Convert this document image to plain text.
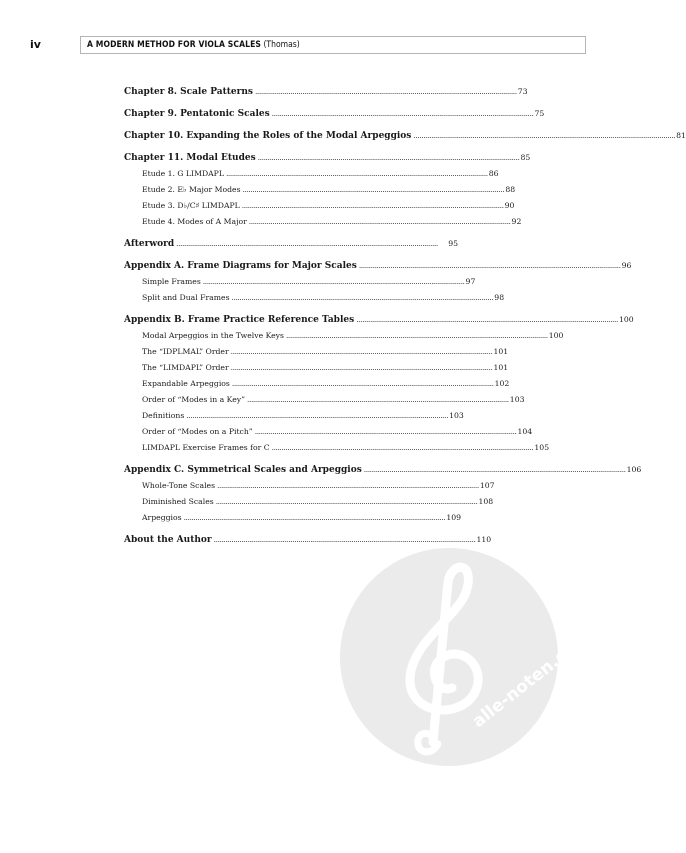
iv	A MODERN METHOD FOR VIOLA SCALES (Thomas)
Chapter 8. Scale Patterns . . .	73
Chapter 9. Pentatonic Scales . . .	75
Chapter 10. Expanding the Roles of the Modal Arpeggios . . .	81
Chapter 11. Modal Etudes . . .	85
Etude 1. G LIMDAPL . . .	86
Etude 2. E♭ Major Modes . . .	88
Etude 3. D♭/C♯ LIMDAPL . . .	90
Etude 4. Modes of A Major . . .	92
Afterword . . .	95
Appendix A. Frame Diagrams for Major Scales . . .	96
Simple Frames . . .	97
Split and Dual Frames . . .	98
Appendix B. Frame Practice Reference Tables . . .	100
Modal Arpeggios in the Twelve Keys . . .	100
The “IDPLMAL” Order . . .	101
The “LIMDAPL” Order . . .	101
Expandable Arpeggios . . .	102
Order of “Modes in a Key” . . .	103
Definitions . . .	103
Order of “Modes on a Pitch” . . .	104
LIMDAPL Exercise Frames for C . . .	105
Appendix C. Symmetrical Scales and Arpeggios . . .	106
Whole-Tone Scales . . .	107
Diminished Scales . . .	108
Arpeggios . . .	109
About the Author . . .	110
alle-noten.de
